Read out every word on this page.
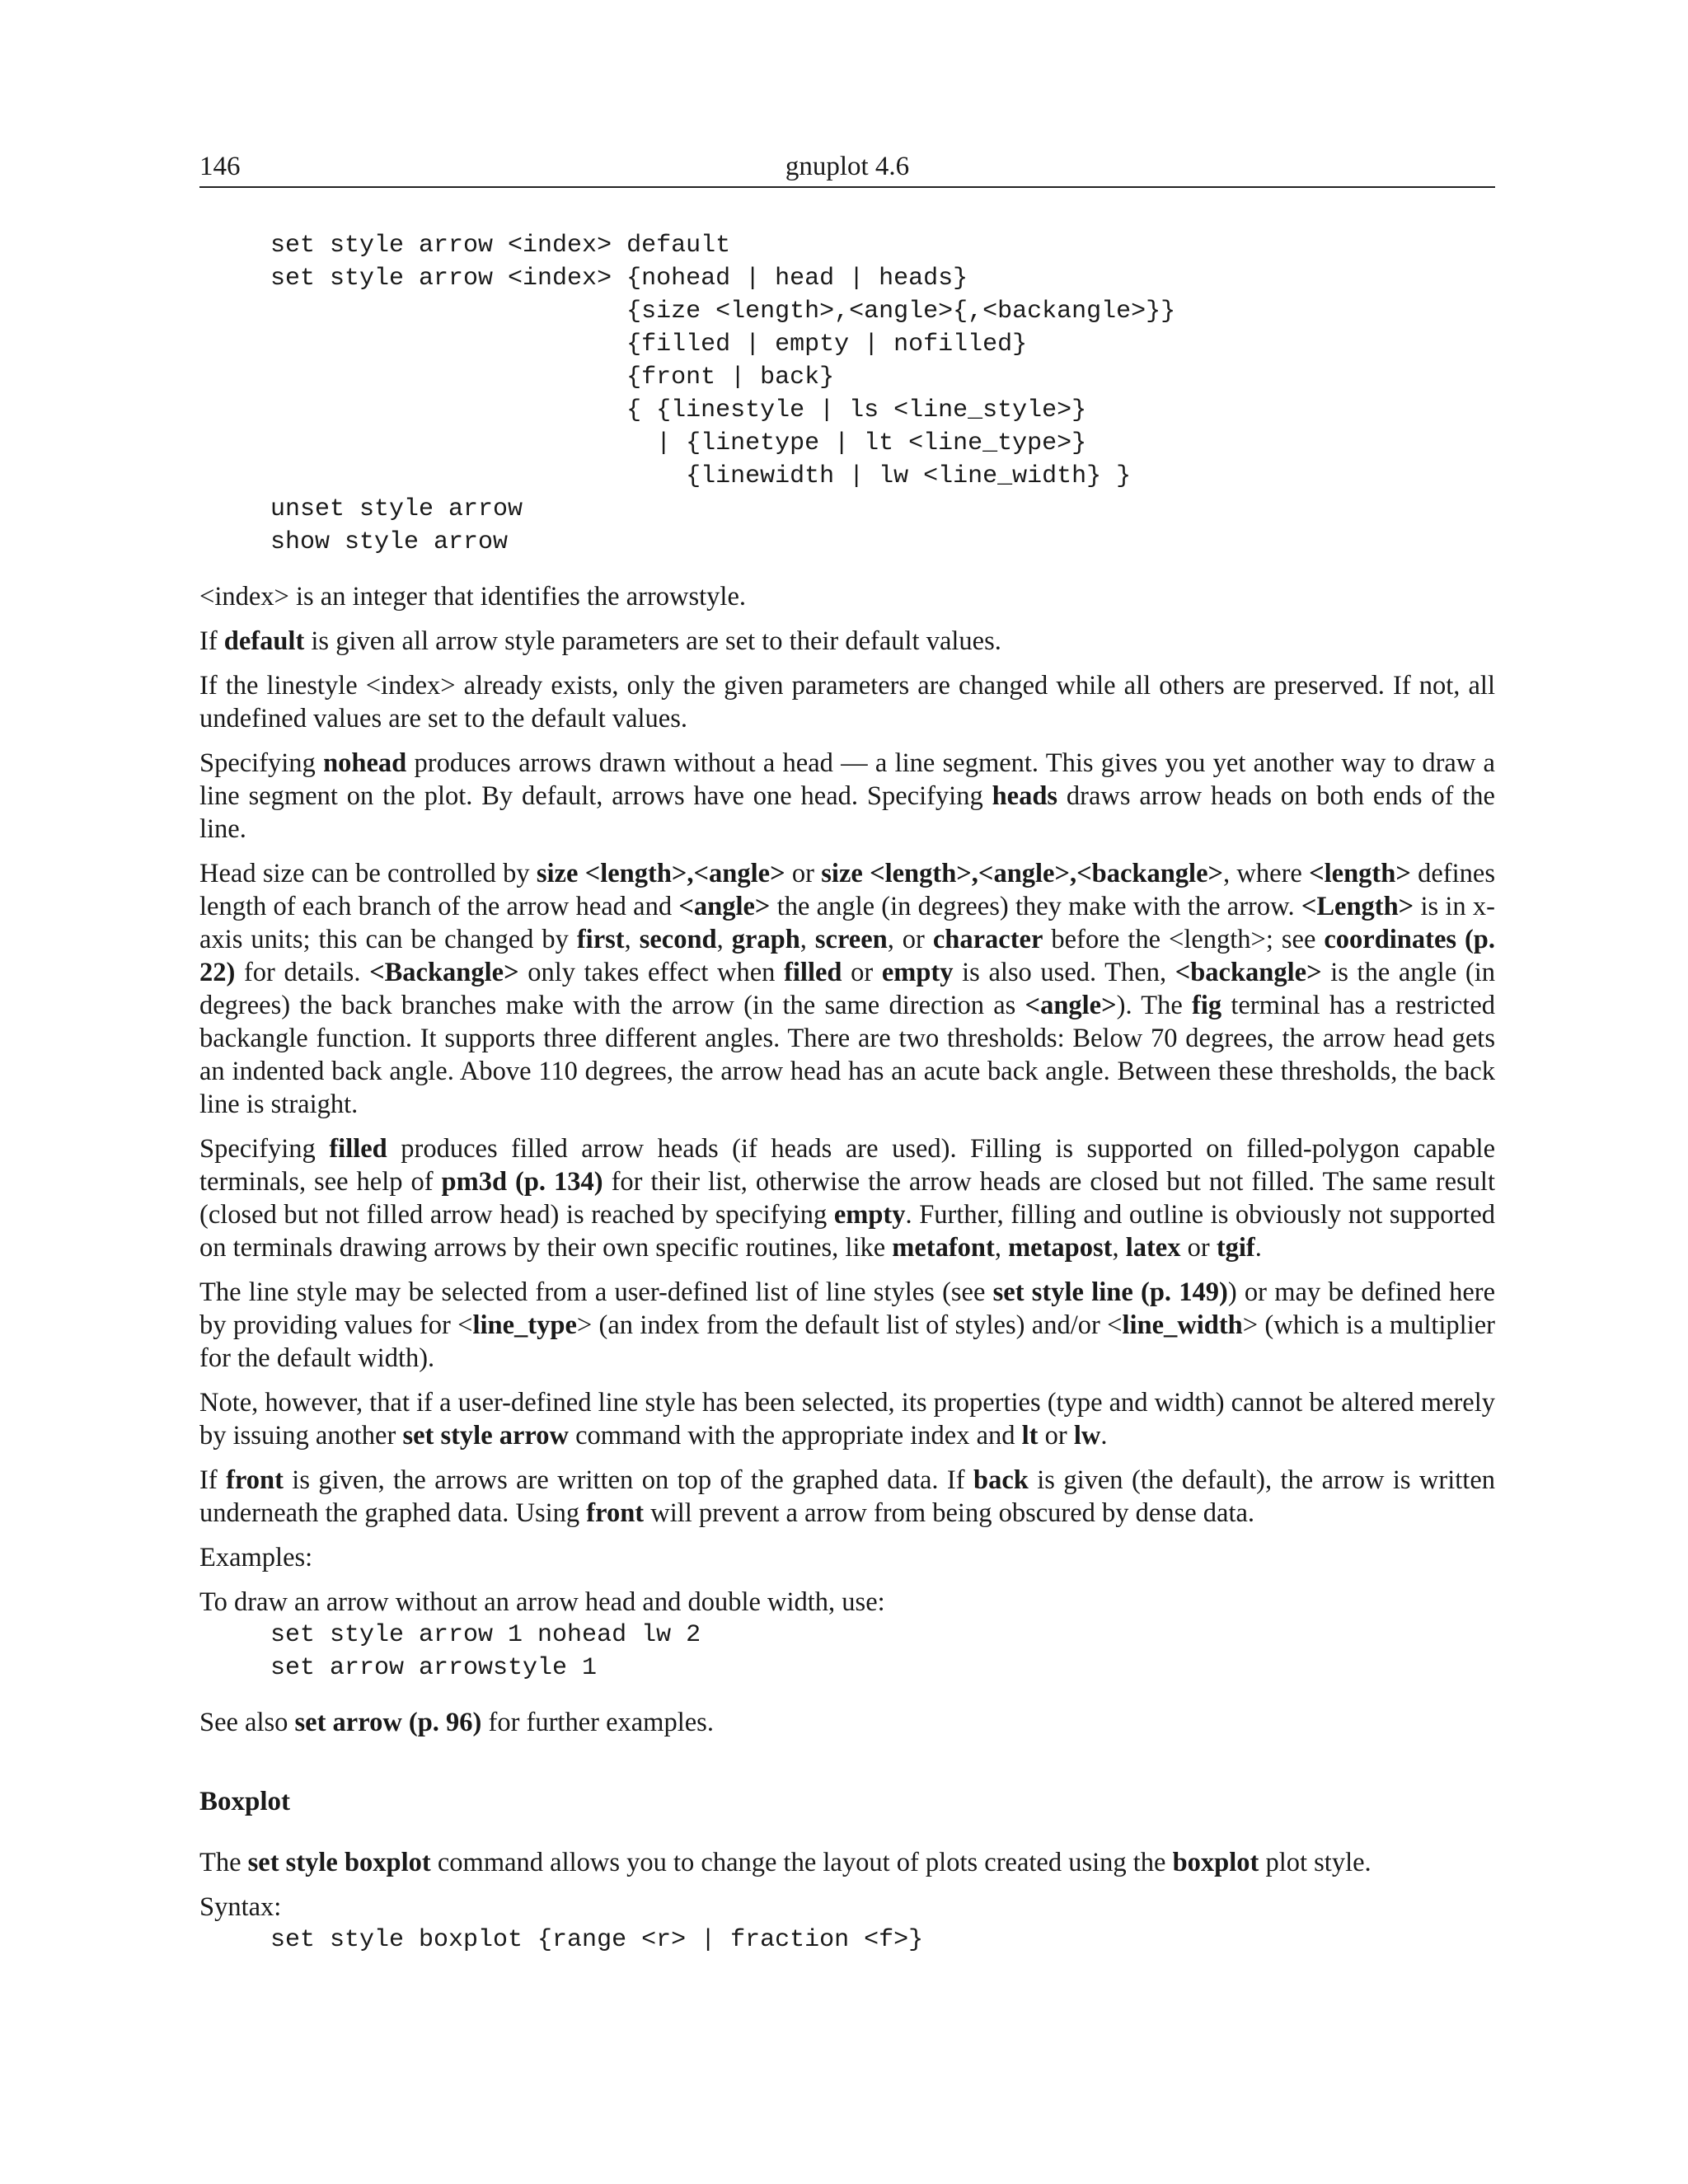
146	gnuplot 4.6
set style arrow <index> default
set style arrow <index> {nohead | head | heads}
{size <length>,<angle>{,<backangle>}}
{filled | empty | nofilled}
{front | back}
{ {linestyle | ls <line_style>}
| {linetype | lt <line_type>}
{linewidth | lw <line_width} }
unset style arrow
show style arrow

<index> is an integer that identifies the arrowstyle.

If default is given all arrow style parameters are set to their default values.

If the linestyle <index> already exists, only the given parameters are changed while all others are preserved. If not, all undefined values are set to the default values.

Specifying nohead produces arrows drawn without a head — a line segment. This gives you yet another way to draw a line segment on the plot. By default, arrows have one head. Specifying heads draws arrow heads on both ends of the line.

Head size can be controlled by size <length>,<angle> or size <length>,<angle>,<backangle>, where <length> defines length of each branch of the arrow head and <angle> the angle (in degrees) they make with the arrow. <Length> is in x-axis units; this can be changed by first, second, graph, screen, or character before the <length>; see coordinates (p. 22) for details. <Backangle> only takes effect when filled or empty is also used. Then, <backangle> is the angle (in degrees) the back branches make with the arrow (in the same direction as <angle>). The fig terminal has a restricted backangle function. It supports three different angles. There are two thresholds: Below 70 degrees, the arrow head gets an indented back angle. Above 110 degrees, the arrow head has an acute back angle. Between these thresholds, the back line is straight.

Specifying filled produces filled arrow heads (if heads are used). Filling is supported on filled-polygon capable terminals, see help of pm3d (p. 134) for their list, otherwise the arrow heads are closed but not filled. The same result (closed but not filled arrow head) is reached by specifying empty. Further, filling and outline is obviously not supported on terminals drawing arrows by their own specific routines, like metafont, metapost, latex or tgif.

The line style may be selected from a user-defined list of line styles (see set style line (p. 149)) or may be defined here by providing values for <line_type> (an index from the default list of styles) and/or <line_width> (which is a multiplier for the default width).

Note, however, that if a user-defined line style has been selected, its properties (type and width) cannot be altered merely by issuing another set style arrow command with the appropriate index and lt or lw.

If front is given, the arrows are written on top of the graphed data. If back is given (the default), the arrow is written underneath the graphed data. Using front will prevent a arrow from being obscured by dense data.

Examples:

To draw an arrow without an arrow head and double width, use:

set style arrow 1 nohead lw 2
set arrow arrowstyle 1

See also set arrow (p. 96) for further examples.

Boxplot

The set style boxplot command allows you to change the layout of plots created using the boxplot plot style.

Syntax:

set style boxplot {range <r> | fraction <f>}
